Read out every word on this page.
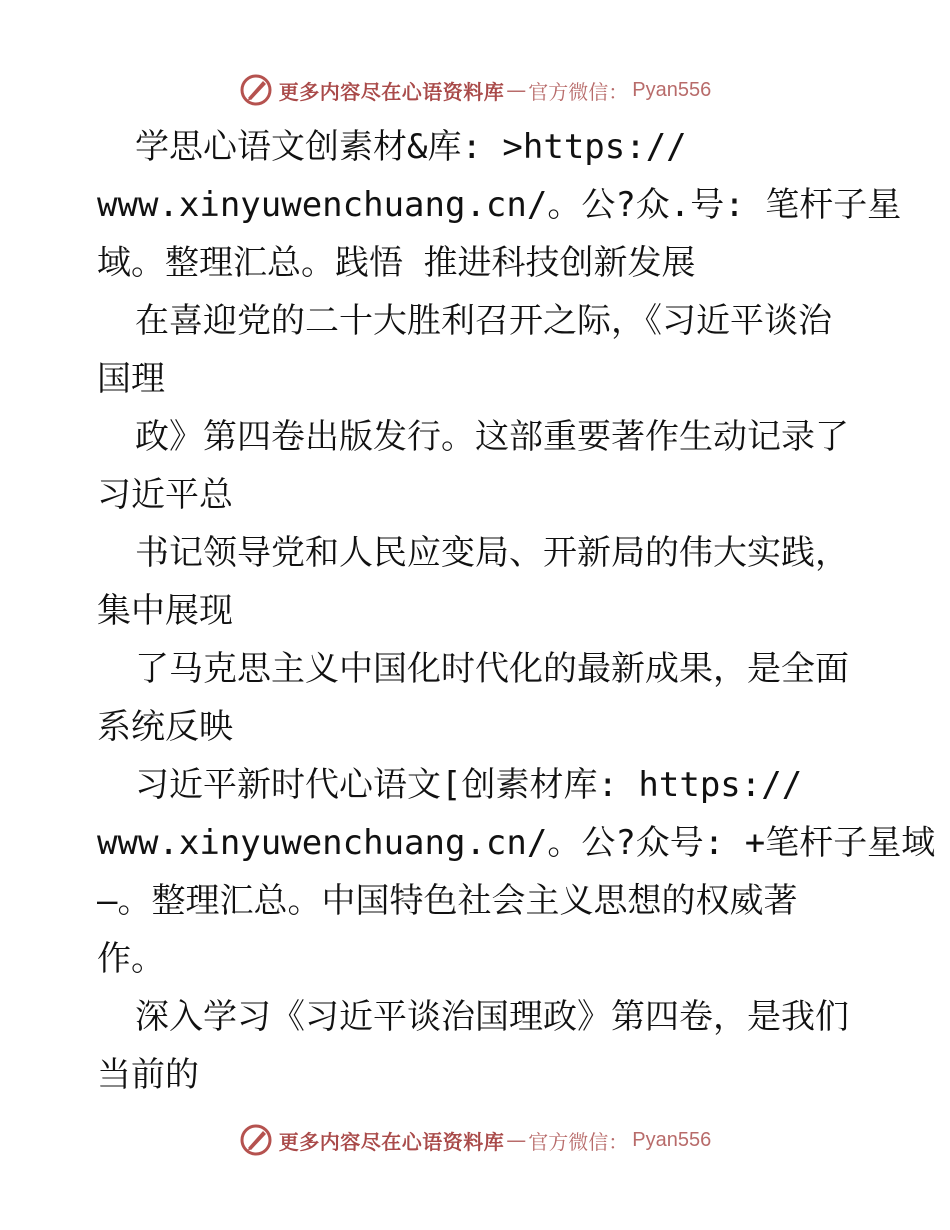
更多内容尽在心语资料库 — 官方微信： Pyan556
学思心语文创素材&库: >https://
www.xinyuwenchuang.cn/。公?众.号: 笔杆子星
域。整理汇总。践悟 推进科技创新发展
在喜迎党的二十大胜利召开之际，《习近平谈治
国理
政》第四卷出版发行。这部重要著作生动记录了
习近平总
书记领导党和人民应变局、开新局的伟大实践，
集中展现
了马克思主义中国化时代化的最新成果，是全面
系统反映
习近平新时代心语文[创素材库: https://
www.xinyuwenchuang.cn/。公?众号: +笔杆子星域
—。整理汇总。中国特色社会主义思想的权威著
作。
深入学习《习近平谈治国理政》第四卷，是我们
当前的
更多内容尽在心语资料库 — 官方微信： Pyan556
